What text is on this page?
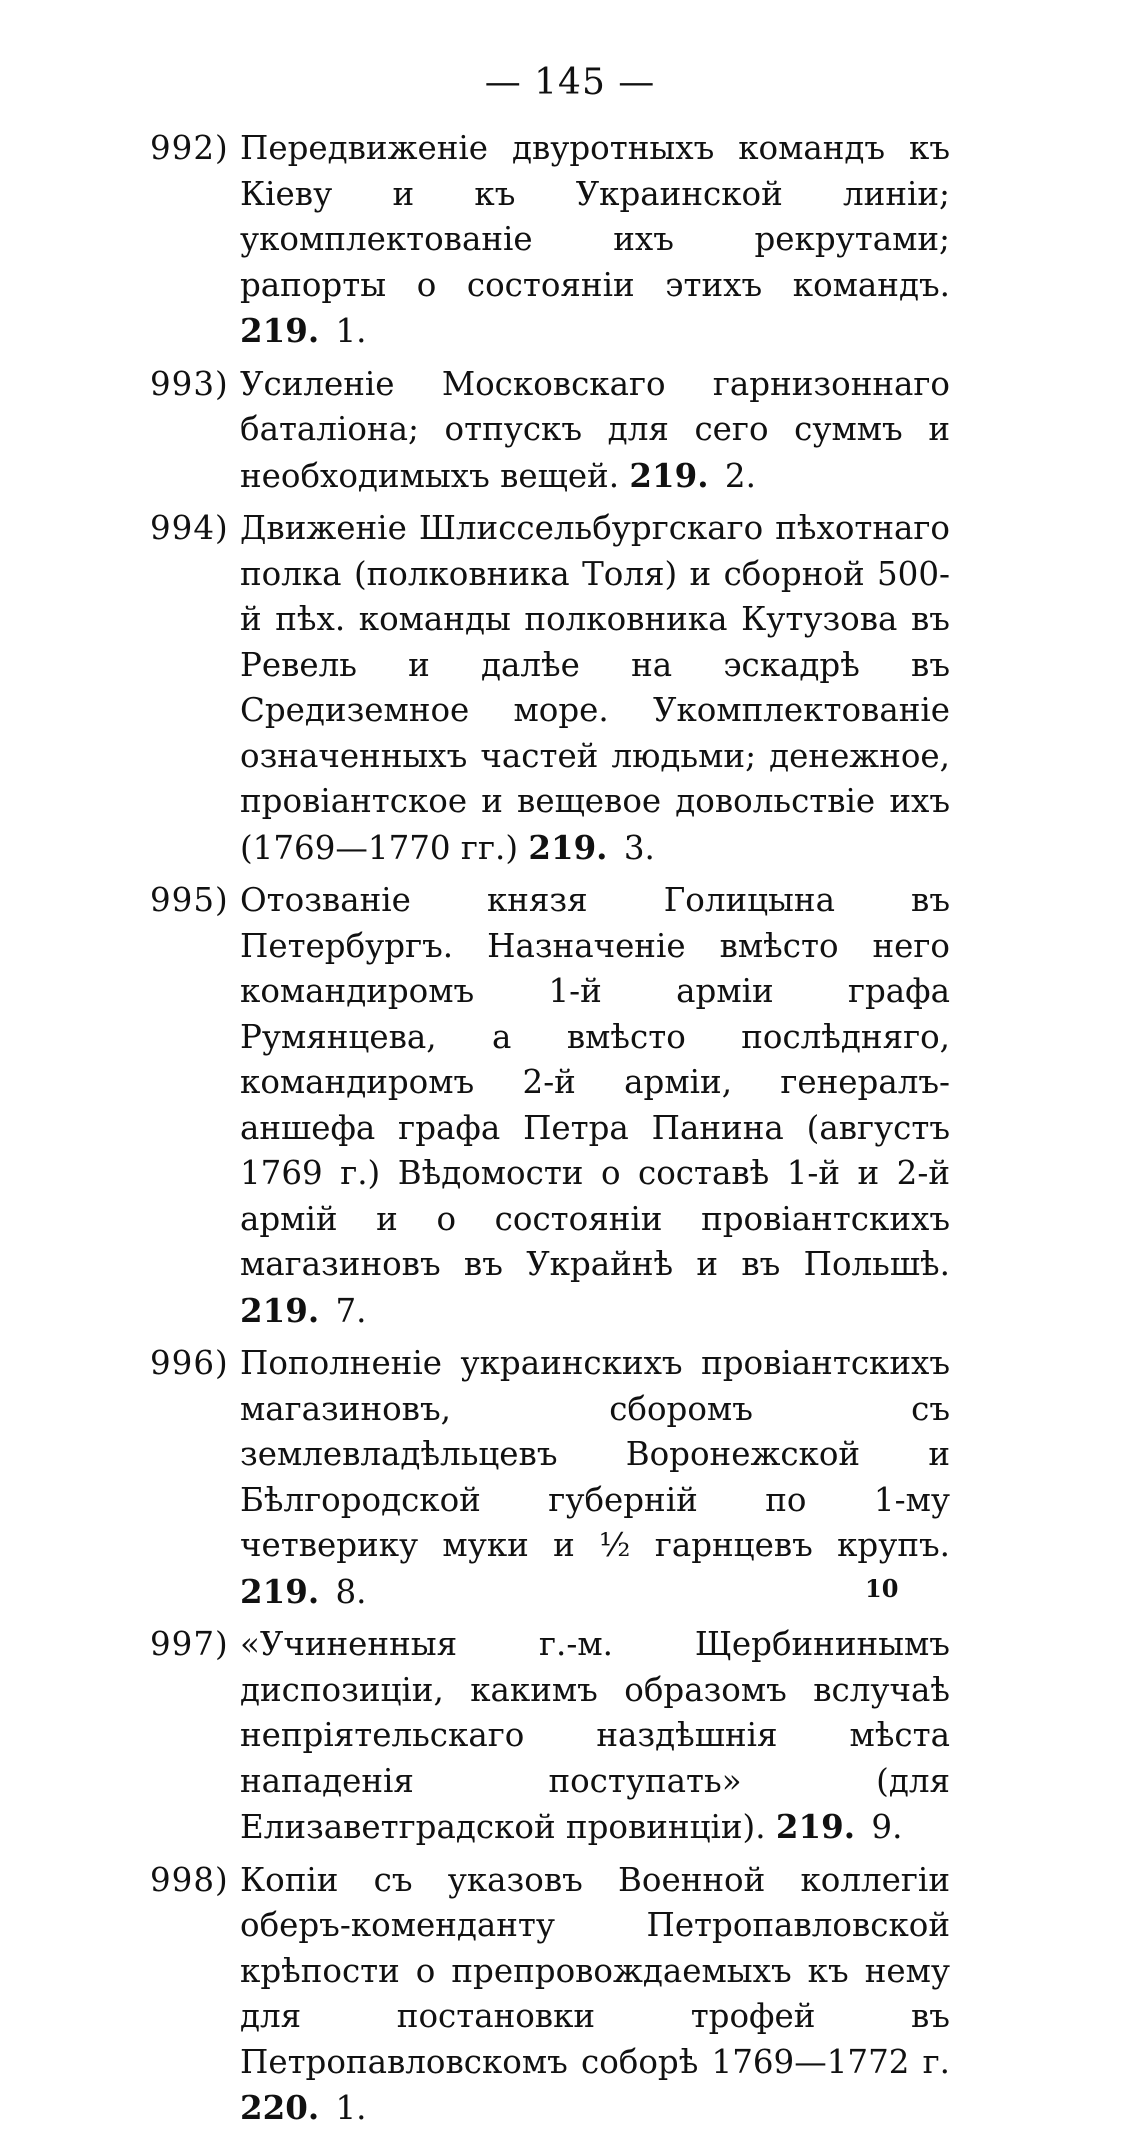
— 145 —
992) Передвиженіе двуротныхъ командъ къ Кіеву и къ Украинской линіи; укомплектованіе ихъ рекрутами; рапорты о состояніи этихъ командъ. 219. 1.
993) Усиленіе Московскаго гарнизоннаго баталіона; отпускъ для сего суммъ и необходимыхъ вещей. 219. 2.
994) Движеніе Шлиссельбургскаго пѣхотнаго полка (полковника Толя) и сборной 500-й пѣх. команды полковника Кутузова въ Ревель и далѣе на эскадрѣ въ Средиземное море. Укомплектованіе означенныхъ частей людьми; денежное, провіантское и вещевое довольствіе ихъ (1769—1770 гг.) 219. 3.
995) Отозваніе князя Голицына въ Петербургъ. Назначеніе вмѣсто него командиромъ 1-й арміи графа Румянцева, а вмѣсто послѣдняго, командиромъ 2-й арміи, генералъ-аншефа графа Петра Панина (августъ 1769 г.) Вѣдомости о составѣ 1-й и 2-й армій и о состояніи провіантскихъ магазиновъ въ Украйнѣ и въ Польшѣ. 219. 7.
996) Пополненіе украинскихъ провіантскихъ магазиновъ, сборомъ съ землевладѣльцевъ Воронежской и Бѣлгородской губерній по 1-му четверику муки и ½ гарнцевъ крупъ. 219. 8.
997) «Учиненныя г.-м. Щербининымъ диспозиціи, какимъ образомъ вслучаѣ непріятельскаго наздѣшнія мѣста нападенія поступать» (для Елизаветградской провинціи). 219. 9.
998) Копіи съ указовъ Военной коллегіи оберъ-коменданту Петропавловской крѣпости о препровождаемыхъ къ нему для постановки трофей въ Петропавловскомъ соборѣ 1769—1772 г. 220. 1.
10
